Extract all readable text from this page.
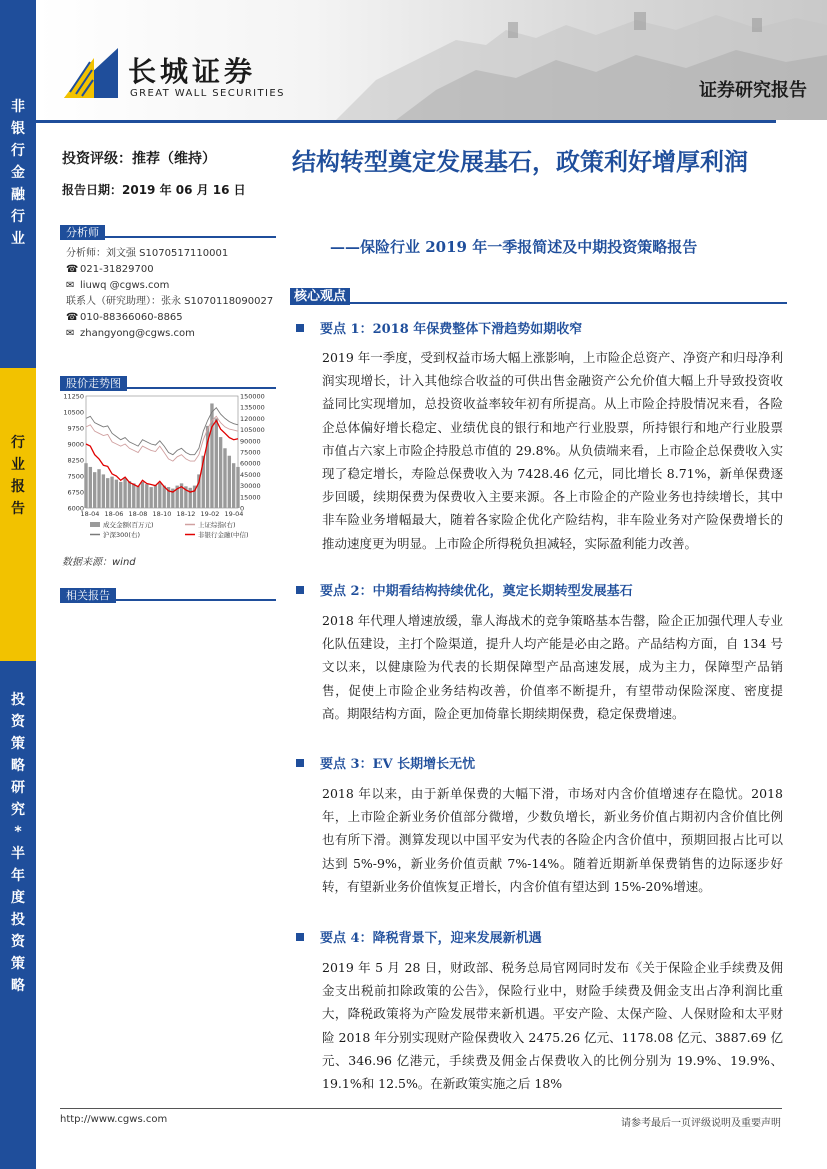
非
银
行
金
融
行
业
行
业
报
告
投
资
策
略
研
究
*
半
年
度
投
资
策
略
长城证券
GREAT WALL SECURITIES	证券研究报告
投资评级：推荐（维持）
报告日期：2019 年 06 月 16 日
分析师
分析师：刘文强 S1070517110001
☎ 021-31829700
✉ liuwq @cgws.com
联系人（研究助理）：张永 S1070118090027
☎ 010-88366060-8865
✉ zhangyong@cgws.com
股价走势图
11250
10500
9750
9000
8250
7500
6750
6000
150000
135000
120000
105000
90000
75000
60000
45000
30000
15000
0
18-04 18-06 18-08 18-10 18-12 19-02 19-04
成交金额(百万元)	上证综指(右)
沪深300(右)	非银行金融(中信)
数据来源：wind
相关报告
结构转型奠定发展基石，政策利好增厚利润
——保险行业 2019 年一季报简述及中期投资策略报告
核心观点
要点 1：2018 年保费整体下滑趋势如期收窄
2019 年一季度，受到权益市场大幅上涨影响，上市险企总资产、净资产和归母净利润实现增长，计入其他综合收益的可供出售金融资产公允价值大幅上升导致投资收益同比实现增加，总投资收益率较年初有所提高。从上市险企持股情况来看，各险企总体偏好增长稳定、业绩优良的银行和地产行业股票，所持银行和地产行业股票市值占六家上市险企持股总市值的 29.8%。从负债端来看，上市险企总保费收入实现了稳定增长，寿险总保费收入为 7428.46 亿元，同比增长 8.71%，新单保费逐步回暖，续期保费为保费收入主要来源。各上市险企的产险业务也持续增长，其中非车险业务增幅最大，随着各家险企优化产险结构，非车险业务对产险保费增长的推动速度更为明显。上市险企所得税负担减轻，实际盈利能力改善。
要点 2：中期看结构持续优化，奠定长期转型发展基石
2018 年代理人增速放缓，靠人海战术的竞争策略基本告罄，险企正加强代理人专业化队伍建设，主打个险渠道，提升人均产能是必由之路。产品结构方面，自 134 号文以来，以健康险为代表的长期保障型产品高速发展，成为主力，保障型产品销售，促使上市险企业务结构改善，价值率不断提升，有望带动保险深度、密度提高。期限结构方面，险企更加倚靠长期续期保费，稳定保费增速。
要点 3：EV 长期增长无忧
2018 年以来，由于新单保费的大幅下滑，市场对内含价值增速存在隐忧。2018 年，上市险企新业务价值部分微增，少数负增长，新业务价值占期初内含价值比例也有所下滑。测算发现以中国平安为代表的各险企内含价值中，预期回报占比可以达到 5%-9%，新业务价值贡献 7%-14%。随着近期新单保费销售的边际逐步好转，有望新业务价值恢复正增长，内含价值有望达到 15%-20%增速。
要点 4：降税背景下，迎来发展新机遇
2019 年 5 月 28 日，财政部、税务总局官网同时发布《关于保险企业手续费及佣金支出税前扣除政策的公告》，保险行业中，财险手续费及佣金支出占净利润比重大，降税政策将为产险发展带来新机遇。平安产险、太保产险、人保财险和太平财险 2018 年分别实现财产险保费收入 2475.26 亿元、1178.08 亿元、3887.69 亿元、346.96 亿港元，手续费及佣金占保费收入的比例分别为 19.9%、19.9%、19.1%和 12.5%。在新政策实施之后 18%
http://www.cgws.com	请参考最后一页评级说明及重要声明
